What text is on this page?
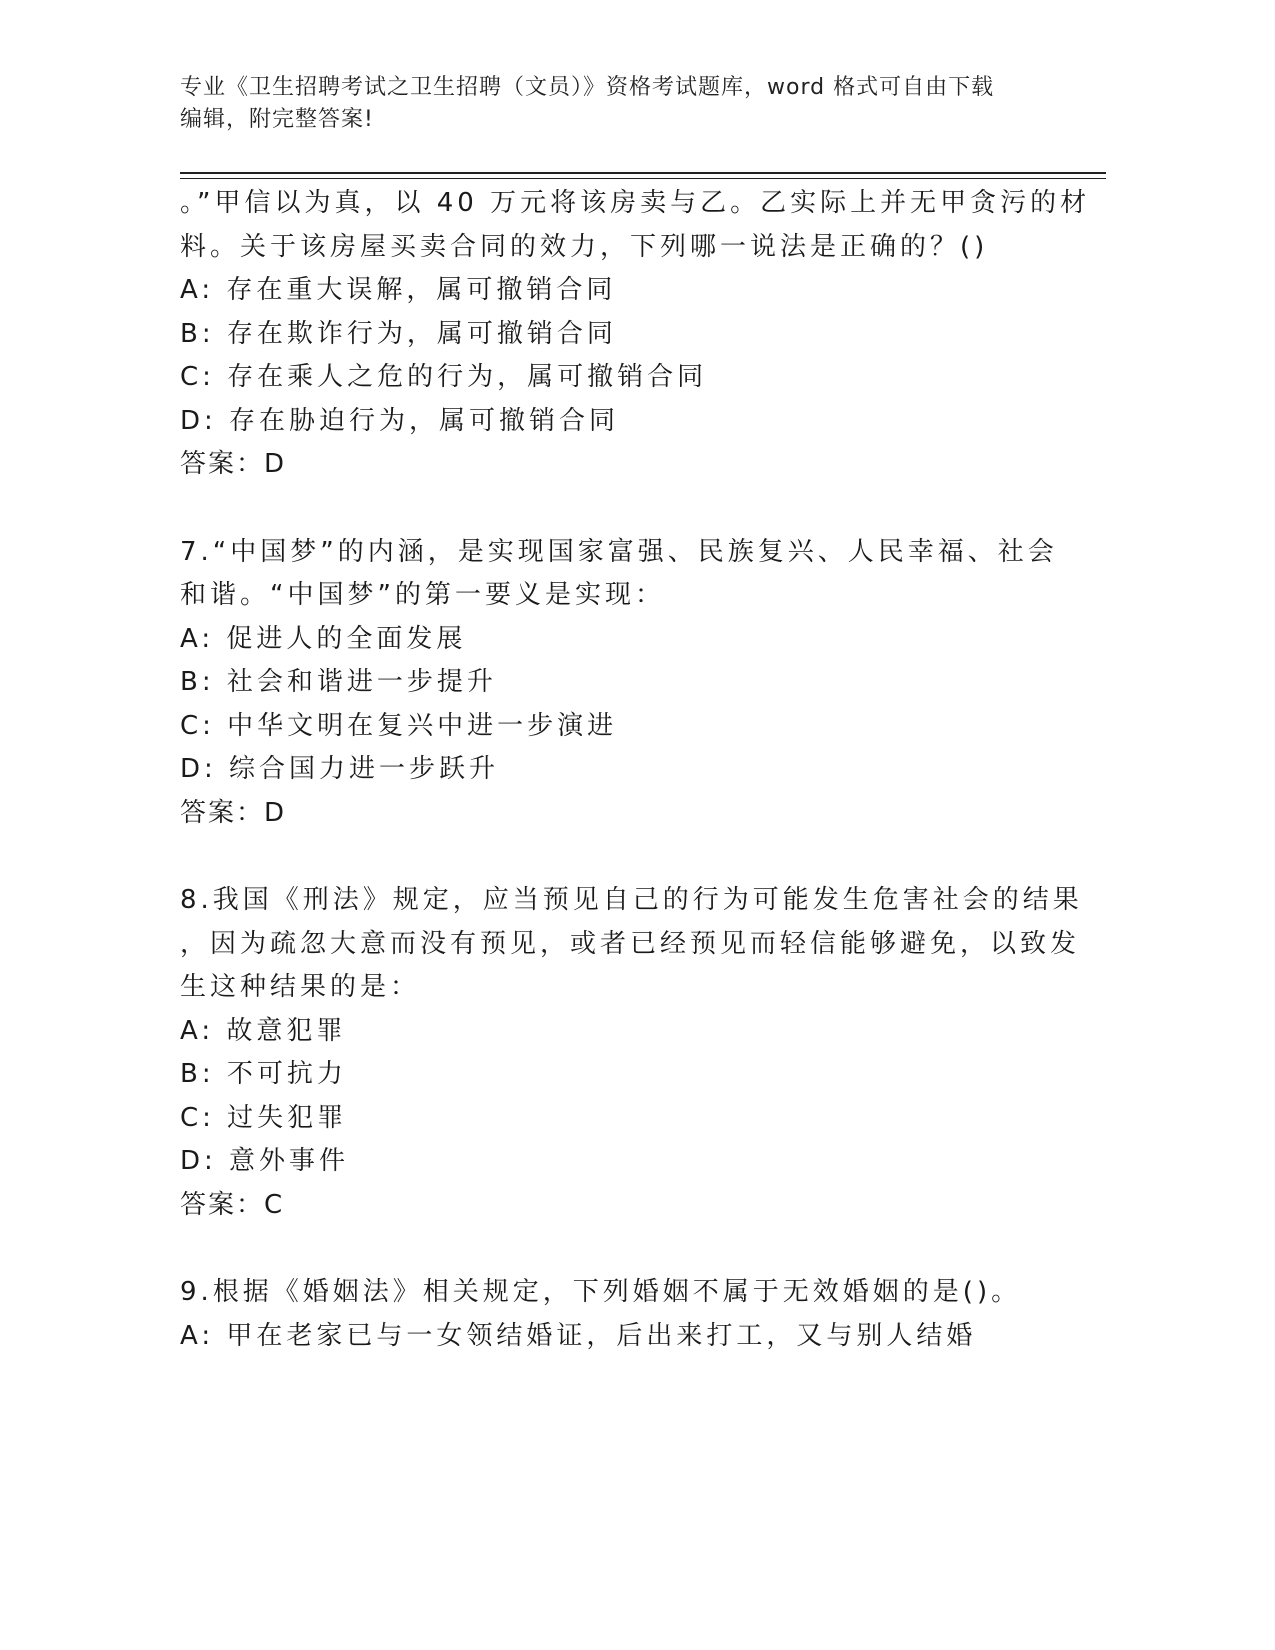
专业《卫生招聘考试之卫生招聘（文员）》资格考试题库，word 格式可自由下载
编辑，附完整答案!
。”甲信以为真，以 40 万元将该房卖与乙。乙实际上并无甲贪污的材
料。关于该房屋买卖合同的效力，下列哪一说法是正确的？()
A: 存在重大误解，属可撤销合同
B: 存在欺诈行为，属可撤销合同
C: 存在乘人之危的行为，属可撤销合同
D: 存在胁迫行为，属可撤销合同
答案：D
7.“中国梦”的内涵，是实现国家富强、民族复兴、人民幸福、社会
和谐。“中国梦”的第一要义是实现：
A: 促进人的全面发展
B: 社会和谐进一步提升
C: 中华文明在复兴中进一步演进
D: 综合国力进一步跃升
答案：D
8.我国《刑法》规定，应当预见自己的行为可能发生危害社会的结果
，因为疏忽大意而没有预见，或者已经预见而轻信能够避免，以致发
生这种结果的是：
A: 故意犯罪
B: 不可抗力
C: 过失犯罪
D: 意外事件
答案：C
9.根据《婚姻法》相关规定，下列婚姻不属于无效婚姻的是()。
A: 甲在老家已与一女领结婚证，后出来打工，又与别人结婚
